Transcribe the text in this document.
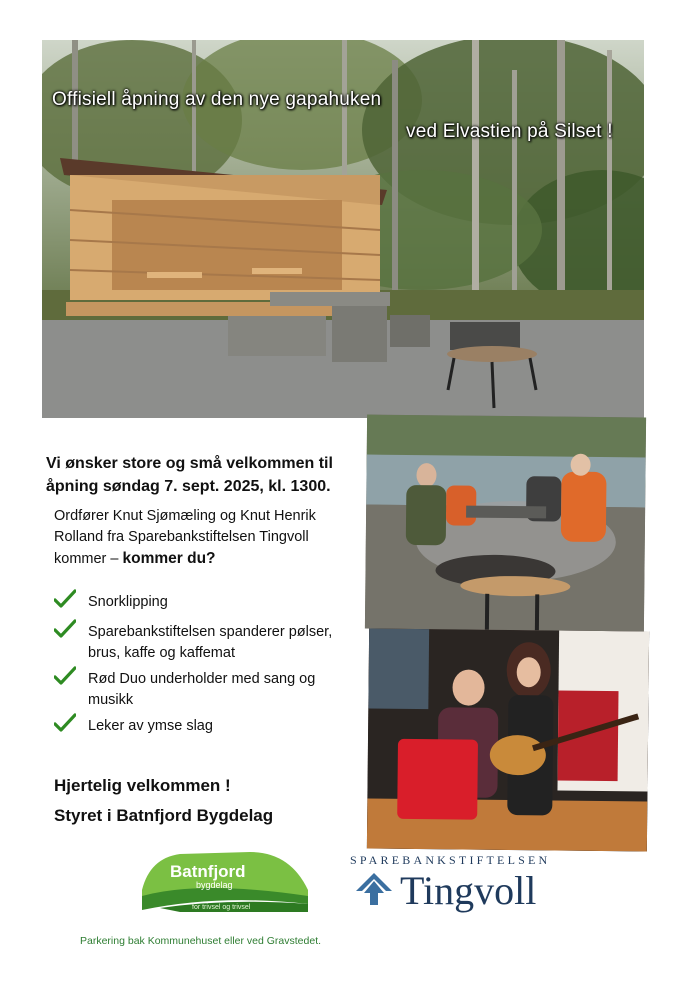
Offisiell åpning av den nye gapahuken
ved Elvastien på Silset !
Vi ønsker store og små velkommen til
åpning søndag 7. sept. 2025, kl. 1300.
Ordfører Knut Sjømæling og Knut Henrik Rolland fra Sparebankstiftelsen Tingvoll kommer – kommer du?
Snorklipping
Sparebankstiftelsen spanderer pølser, brus, kaffe og kaffemat
Rød Duo underholder med sang og musikk
Leker av ymse slag
Hjertelig velkommen !
Styret i Batnfjord Bygdelag
Batnfjord
bygdelag
for trivsel og trivsel
SPAREBANKSTIFTELSEN
Tingvoll
Parkering bak Kommunehuset eller ved Gravstedet.
